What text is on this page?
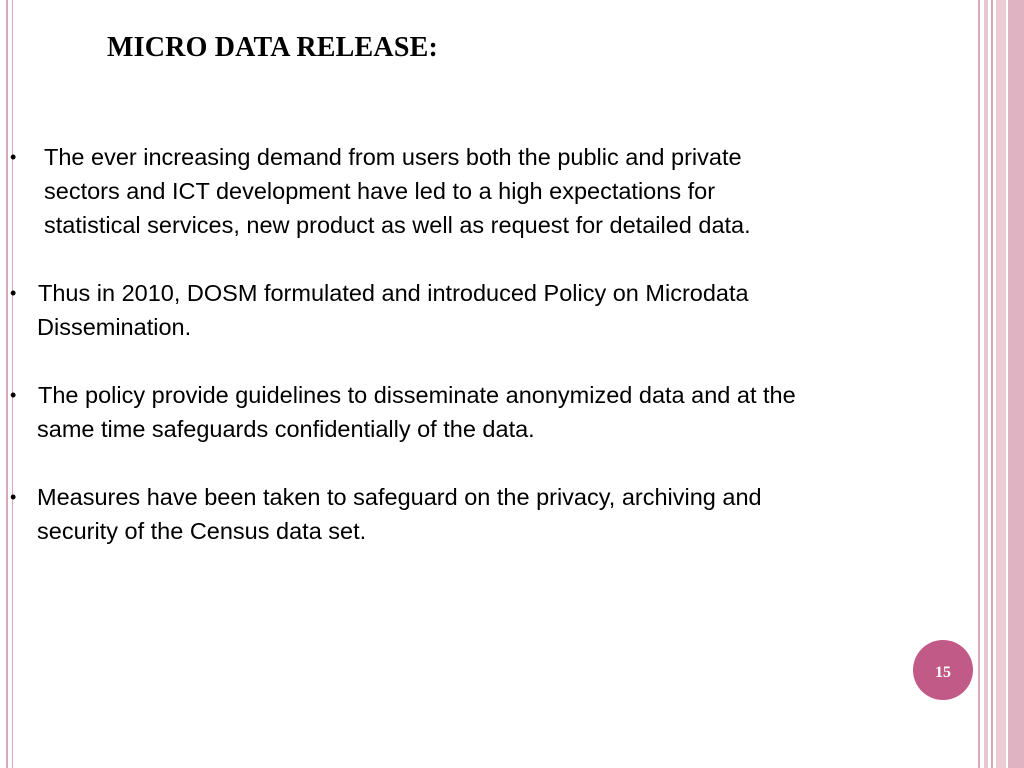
MICRO DATA RELEASE:
• The ever increasing demand from users both the public and private
sectors and ICT development have led to a high expectations for
statistical services, new product as well as request for detailed data.
• Thus in 2010, DOSM formulated and introduced Policy on Microdata
Dissemination.
• The policy provide guidelines to disseminate anonymized data and at the
same time safeguards confidentially of the data.
• Measures have been taken to safeguard on the privacy, archiving and
security of the Census data set.
15
